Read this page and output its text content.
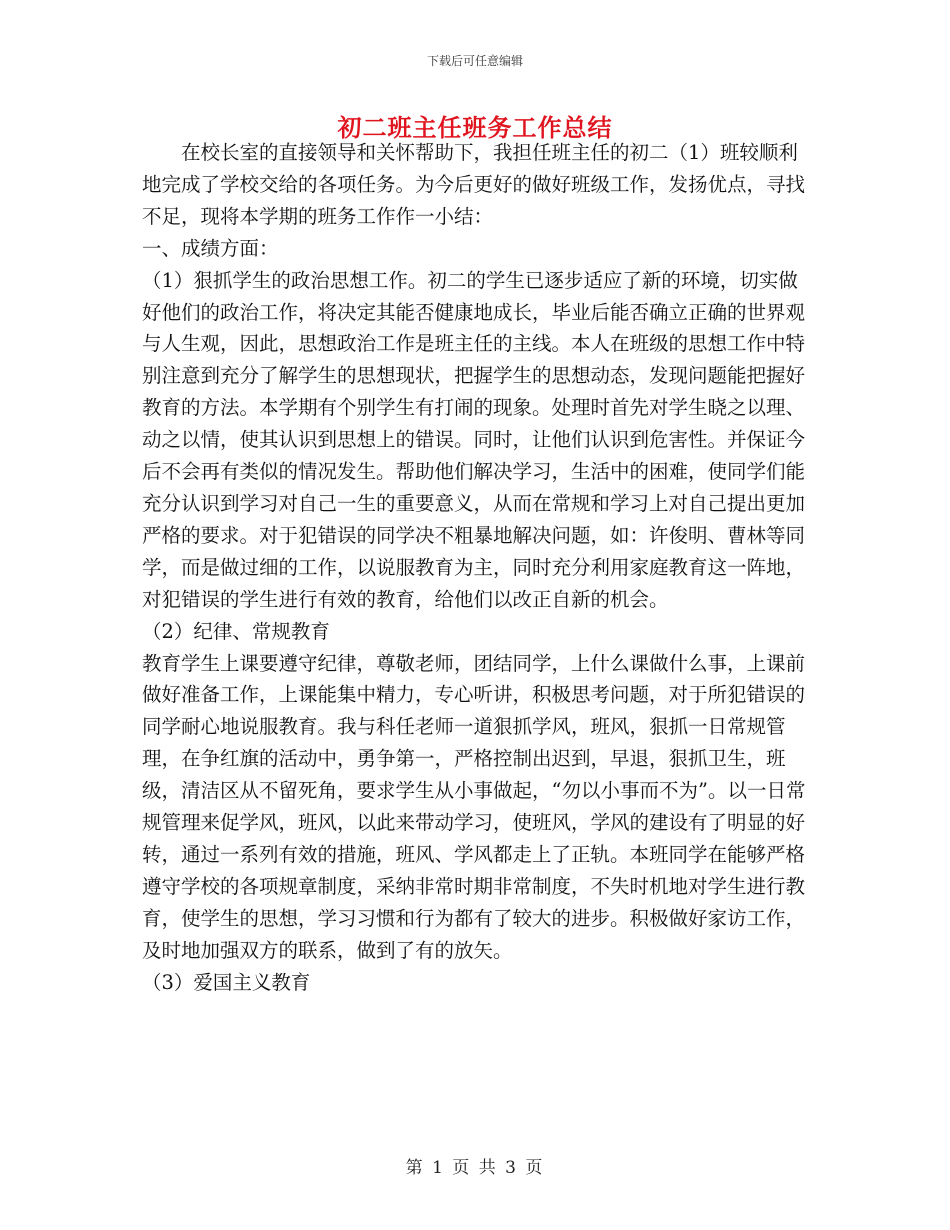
下载后可任意编辑
初二班主任班务工作总结

在校长室的直接领导和关怀帮助下，我担任班主任的初二（1）班较顺利地完成了学校交给的各项任务。为今后更好的做好班级工作，发扬优点，寻找不足，现将本学期的班务工作作一小结：

一、成绩方面：

（1）狠抓学生的政治思想工作。初二的学生已逐步适应了新的环境，切实做好他们的政治工作，将决定其能否健康地成长，毕业后能否确立正确的世界观与人生观，因此，思想政治工作是班主任的主线。本人在班级的思想工作中特别注意到充分了解学生的思想现状，把握学生的思想动态，发现问题能把握好教育的方法。本学期有个别学生有打闹的现象。处理时首先对学生晓之以理、动之以情，使其认识到思想上的错误。同时，让他们认识到危害性。并保证今后不会再有类似的情况发生。帮助他们解决学习，生活中的困难，使同学们能充分认识到学习对自己一生的重要意义，从而在常规和学习上对自己提出更加严格的要求。对于犯错误的同学决不粗暴地解决问题，如：许俊明、曹林等同学，而是做过细的工作，以说服教育为主，同时充分利用家庭教育这一阵地，对犯错误的学生进行有效的教育，给他们以改正自新的机会。

（2）纪律、常规教育

教育学生上课要遵守纪律，尊敬老师，团结同学，上什么课做什么事，上课前做好准备工作，上课能集中精力，专心听讲，积极思考问题，对于所犯错误的同学耐心地说服教育。我与科任老师一道狠抓学风，班风，狠抓一日常规管理，在争红旗的活动中，勇争第一，严格控制出迟到，早退，狠抓卫生，班级，清洁区从不留死角，要求学生从小事做起，“勿以小事而不为”。以一日常规管理来促学风，班风，以此来带动学习，使班风，学风的建设有了明显的好转，通过一系列有效的措施，班风、学风都走上了正轨。本班同学在能够严格遵守学校的各项规章制度，采纳非常时期非常制度，不失时机地对学生进行教育，使学生的思想，学习习惯和行为都有了较大的进步。积极做好家访工作，及时地加强双方的联系，做到了有的放矢。

（3）爱国主义教育

第 1 页 共 3 页
